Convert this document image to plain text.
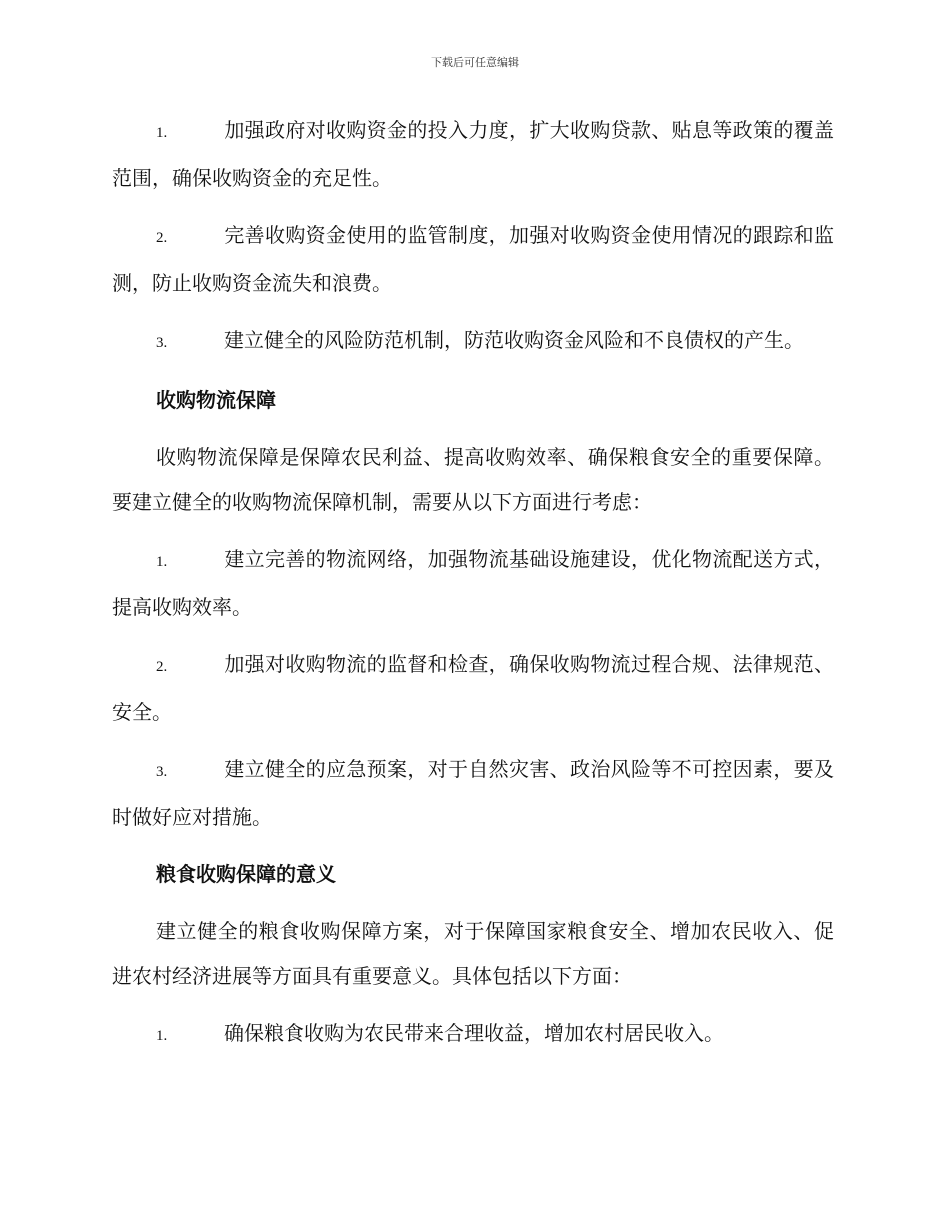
下载后可任意编辑

1.	加强政府对收购资金的投入力度，扩大收购贷款、贴息等政策的覆盖范围，确保收购资金的充足性。

2.	完善收购资金使用的监管制度，加强对收购资金使用情况的跟踪和监测，防止收购资金流失和浪费。

3.	建立健全的风险防范机制，防范收购资金风险和不良债权的产生。

收购物流保障

收购物流保障是保障农民利益、提高收购效率、确保粮食安全的重要保障。要建立健全的收购物流保障机制，需要从以下方面进行考虑：

1.	建立完善的物流网络，加强物流基础设施建设，优化物流配送方式，提高收购效率。

2.	加强对收购物流的监督和检查，确保收购物流过程合规、法律规范、安全。

3.	建立健全的应急预案，对于自然灾害、政治风险等不可控因素，要及时做好应对措施。

粮食收购保障的意义

建立健全的粮食收购保障方案，对于保障国家粮食安全、增加农民收入、促进农村经济进展等方面具有重要意义。具体包括以下方面：

1.	确保粮食收购为农民带来合理收益，增加农村居民收入。
